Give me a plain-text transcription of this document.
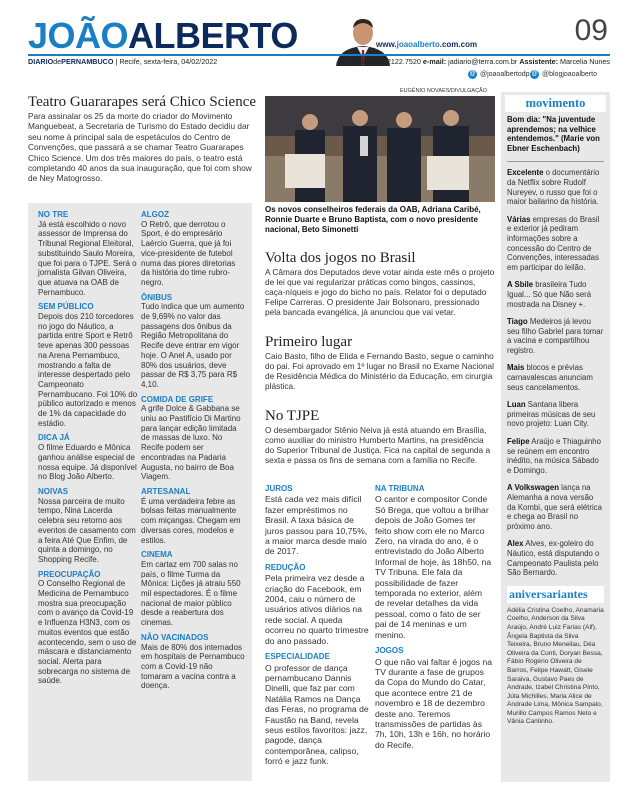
JOÃOALBERTO	www.joaoalberto.com.com	09
DIARIOdePERNAMBUCO | Recife, sexta-feira, 04/02/2022	Telefone: 2122.7520 e-mail: jadiario@terra.com.br Assistente: Marcelia Nunes
@ @joaoalbertodp @ @blogjoaoalberto
Teatro Guararapes será Chico Science
Para assinalar os 25 da morte do criador do Movimento Manguebeat, a Secretaria de Turismo do Estado decidiu dar seu nome à principal sala de espetáculos do Centro de Convenções, que passará a se chamar Teatro Guararapes Chico Science. Um dos três maiores do país, o teatro está completando 40 anos da sua inauguração, que foi com show de Ney Matogrosso.
EUGÊNIO NOVAES/DIVULGAÇÃO
Os novos conselheiros federais da OAB, Adriana Caribé, Ronnie Duarte e Bruno Baptista, com o novo presidente nacional, Beto Simonetti
NO TRE

Já está escolhido o novo assessor de Imprensa do Tribunal Regional Eleitoral, substituindo Saulo Moreira, que foi para o TJPE. Será o jornalista Gilvan Oliveira, que atuava na OAB de Pernambuco.

SEM PÚBLICO

Depois dos 210 torcedores no jogo do Náutico, a partida entre Sport e Retrô teve apenas 300 pessoas na Arena Pernambuco, mostrando a falta de interesse despertado pelo Campeonato Pernambucano. Foi 10% do público autorizado e menos de 1% da capacidade do estádio.

DICA JÁ

O filme Eduardo e Mônica ganhou análise especial de nossa equipe. Já disponível no Blog João Alberto.

NOIVAS

Nossa parceira de muito tempo, Nina Lacerda celebra seu retorno aos eventos de casamento com a feira Até Que Enfim, de quinta a domingo, no Shopping Recife.

PREOCUPAÇÃO

O Conselho Regional de Medicina de Pernambuco mostra sua preocupação com o avanço da Covid-19 e Influenza H3N3, com os muitos eventos que estão acontecendo, sem o uso de máscara e distanciamento social. Alerta para sobrecarga no sistema de saúde.

ALGOZ

O Retrô, que derrotou o Sport, é do empresário Laércio Guerra, que já foi vice-presidente de futebol numa das piores diretorias da história do time rubro-negro.

ÔNIBUS

Tudo indica que um aumento de 9,69% no valor das passagens dos ônibus da Região Metropolitana do Recife deve entrar em vigor hoje. O Anel A, usado por 80% dos usuários, deve passar de R$ 3,75 para R$ 4,10.

COMIDA DE GRIFE

A grife Dolce & Gabbana se uniu ao Pastifício Di Martino para lançar edição limitada de massas de luxo. No Recife podem ser encontradas na Padaria Augusta, no bairro de Boa Viagem.

ARTESANAL

É uma verdadeira febre as bolsas feitas manualmente com miçangas. Chegam em diversas cores, modelos e estilos.

CINEMA

Em cartaz em 700 salas no país, o filme Turma da Mônica: Lições já atraiu 550 mil espectadores. É o filme nacional de maior público desde a reabertura dos cinemas.

NÃO VACINADOS

Mais de 80% dos internados em hospitais de Pernambuco com a Covid-19 não tomaram a vacina contra a doença.

Volta dos jogos no Brasil
A Câmara dos Deputados deve votar ainda este mês o projeto de lei que vai regularizar práticas como bingos, cassinos, caça-níqueis e jogo do bicho no país. Relator foi o deputado Felipe Carreras. O presidente Jair Bolsonaro, pressionado pela bancada evangélica, já anunciou que vai vetar.
Primeiro lugar
Caio Basto, filho de Elida e Fernando Basto, segue o caminho do pai. Foi aprovado em 1º lugar no Brasil no Exame Nacional de Residência Médica do Ministério da Educação, em cirurgia plástica.
No TJPE
O desembargador Stênio Neiva já está atuando em Brasília, como auxiliar do ministro Humberto Martins, na presidência do Superior Tribunal de Justiça. Fica na capital de segunda a sexta e passa os fins de semana com a família no Recife.
JUROS

Está cada vez mais difícil fazer empréstimos no Brasil. A taxa básica de juros passou para 10,75%, a maior marca desde maio de 2017.

REDUÇÃO

Pela primeira vez desde a criação do Facebook, em 2004, caiu o número de usuários ativos diários na rede social. A queda ocorreu no quarto trimestre do ano passado.

ESPECIALIDADE

O professor de dança pernambucano Dannis Dinelli, que faz par com Natália Ramos na Dança das Feras, no programa de Faustão na Band, revela seus estilos favoritos: jazz, pagode, dança contemporânea, calipso, forró e jazz funk.

NA TRIBUNA

O cantor e compositor Conde Só Brega, que voltou a brilhar depois de João Gomes ter feito show com ele no Marco Zero, na virada do ano, é o entrevistado do João Alberto Informal de hoje, às 18h50, na TV Tribuna. Ele fala da possibilidade de fazer temporada no exterior, além de revelar detalhes da vida pessoal, como o fato de ser pai de 14 meninas e um menino.

JOGOS

O que não vai faltar é jogos na TV durante a fase de grupos da Copa do Mundo do Catar, que acontece entre 21 de novembro e 18 de dezembro deste ano. Teremos transmissões de partidas às 7h, 10h, 13h e 16h, no horário do Recife.

movimento
Bom dia: "Na juventude aprendemos; na velhice entendemos." (Marie von Ebner Eschenbach)
Excelente o documentário da Netflix sobre Rudolf Nureyev, o russo que foi o maior bailarino da história.
Várias empresas do Brasil e exterior já pediram informações sobre a concessão do Centro de Convenções, interessadas em participar do leilão.
A Sbile brasileira Tudo Igual... Só que Não será mostrada na Disney +.
Tiago Medeiros já levou seu filho Gabriel para tomar a vacina e compartilhou registro.
Mais blocos e prévias carnavalescas anunciam seus cancelamentos.
Luan Santana libera primeiras músicas de seu novo projeto: Luan City.
Felipe Araújo e Thiaguinho se reúnem em encontro inédito, na música Sábado e Domingo.
A Volkswagen lança na Alemanha a nova versão da Kombi, que será elétrica e chega ao Brasil no próximo ano.
Alex Alves, ex-goleiro do Náutico, está disputando o Campeonato Paulista pelo São Bernardo.
aniversariantes
Adélia Cristina Coelho, Anamaria Coelho, Anderson da Silva Araújo, André Luiz Farias (Alf), Ângela Baptista da Silva Teixeira, Bruno Meneilau, Déa Oliveira da Cunti, Doryan Bessa, Fábio Rogério Oliveira de Barros, Felipe Hawatt, Gisele Saraiva, Gustavo Paes de Andrade, Izabel Christina Pinto, Júta Michilles, Maria Alice de Andrade Lima, Mônica Sampaio, Murillo Campos Ramos Neto e Vânia Cantinho.
